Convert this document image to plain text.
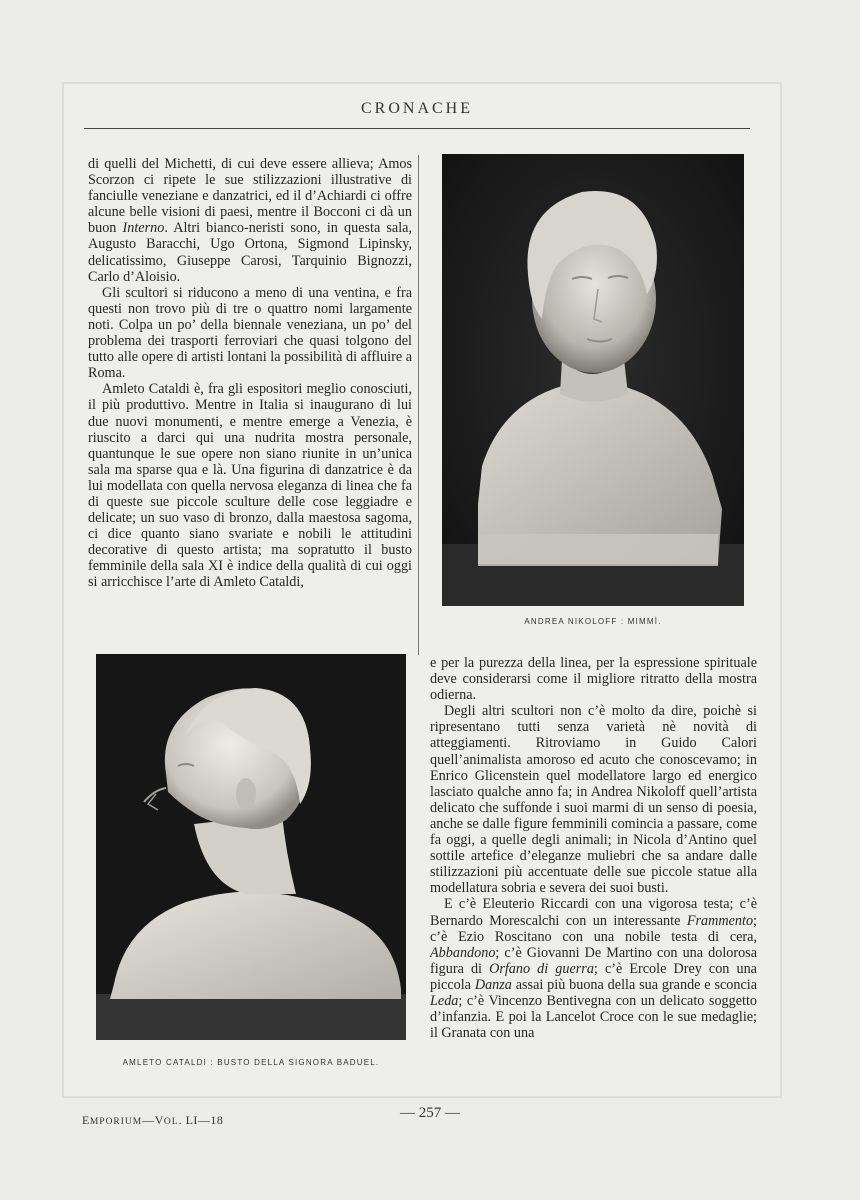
CRONACHE

di quelli del Michetti, di cui deve essere allieva; Amos Scorzon ci ripete le sue stilizzazioni illustrative di fanciulle veneziane e danzatrici, ed il d’Achiardi ci offre alcune belle visioni di paesi, mentre il Bocconi ci dà un buon Interno. Altri bianco-neristi sono, in questa sala, Augusto Baracchi, Ugo Ortona, Sigmond Lipinsky, delicatissimo, Giuseppe Carosi, Tarquinio Bignozzi, Carlo d’Aloisio.

Gli scultori si riducono a meno di una ventina, e fra questi non trovo più di tre o quattro nomi largamente noti. Colpa un po’ della biennale veneziana, un po’ del problema dei trasporti ferroviari che quasi tolgono del tutto alle opere di artisti lontani la possibilità di affluire a Roma.

Amleto Cataldi è, fra gli espositori meglio conosciuti, il più produttivo. Mentre in Italia si inaugurano di lui due nuovi monumenti, e mentre emerge a Venezia, è riuscito a darci qui una nudrita mostra personale, quantunque le sue opere non siano riunite in un’unica sala ma sparse qua e là. Una figurina di danzatrice è da lui modellata con quella nervosa eleganza di linea che fa di queste sue piccole sculture delle cose leggiadre e delicate; un suo vaso di bronzo, dalla maestosa sagoma, ci dice quanto siano svariate e nobili le attitudini decorative di questo artista; ma sopratutto il busto femminile della sala XI è indice della qualità di cui oggi si arricchisce l’arte di Amleto Cataldi,

ANDREA NIKOLOFF : MIMMÌ.
AMLETO CATALDI : BUSTO DELLA SIGNORA BADUEL.

e per la purezza della linea, per la espressione spirituale deve considerarsi come il migliore ritratto della mostra odierna.

Degli altri scultori non c’è molto da dire, poichè si ripresentano tutti senza varietà nè novità di atteggiamenti. Ritroviamo in Guido Calori quell’animalista amoroso ed acuto che conoscevamo; in Enrico Glicenstein quel modellatore largo ed energico lasciato qualche anno fa; in Andrea Nikoloff quell’artista delicato che suffonde i suoi marmi di un senso di poesia, anche se dalle figure femminili comincia a passare, come fa oggi, a quelle degli animali; in Nicola d’Antino quel sottile artefice d’eleganze muliebri che sa andare dalle stilizzazioni più accentuate delle sue piccole statue alla modellatura sobria e severa dei suoi busti.

E c’è Eleuterio Riccardi con una vigorosa testa; c’è Bernardo Morescalchi con un interessante Frammento; c’è Ezio Roscitano con una nobile testa di cera, Abbandono; c’è Giovanni De Martino con una dolorosa figura di Orfano di guerra; c’è Ercole Drey con una piccola Danza assai più buona della sua grande e sconcia Leda; c’è Vincenzo Bentivegna con un delicato soggetto d’infanzia. E poi la Lancelot Croce con le sue medaglie; il Granata con una

EMPORIUM—VOL. LI—18	— 257 —
